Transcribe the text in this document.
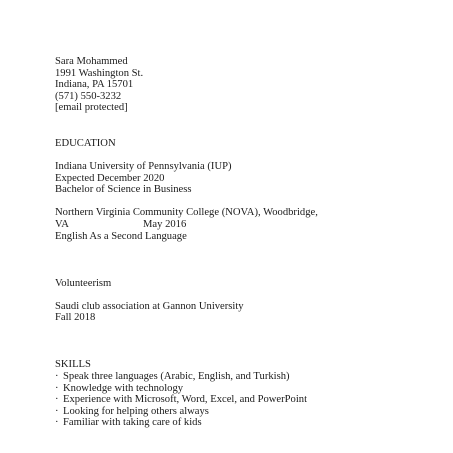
Sara Mohammed
1991 Washington St.
Indiana, PA 15701
(571) 550-3232
[email protected]
EDUCATION
Indiana University of Pennsylvania (IUP)
Expected December 2020
Bachelor of Science in Business
Northern Virginia Community College (NOVA), Woodbridge,
VA	May 2016
English As a Second Language
Volunteerism
Saudi club association at Gannon University
Fall 2018
SKILLS
· Speak three languages (Arabic, English, and Turkish)
· Knowledge with technology
· Experience with Microsoft, Word, Excel, and PowerPoint
· Looking for helping others always
· Familiar with taking care of kids
